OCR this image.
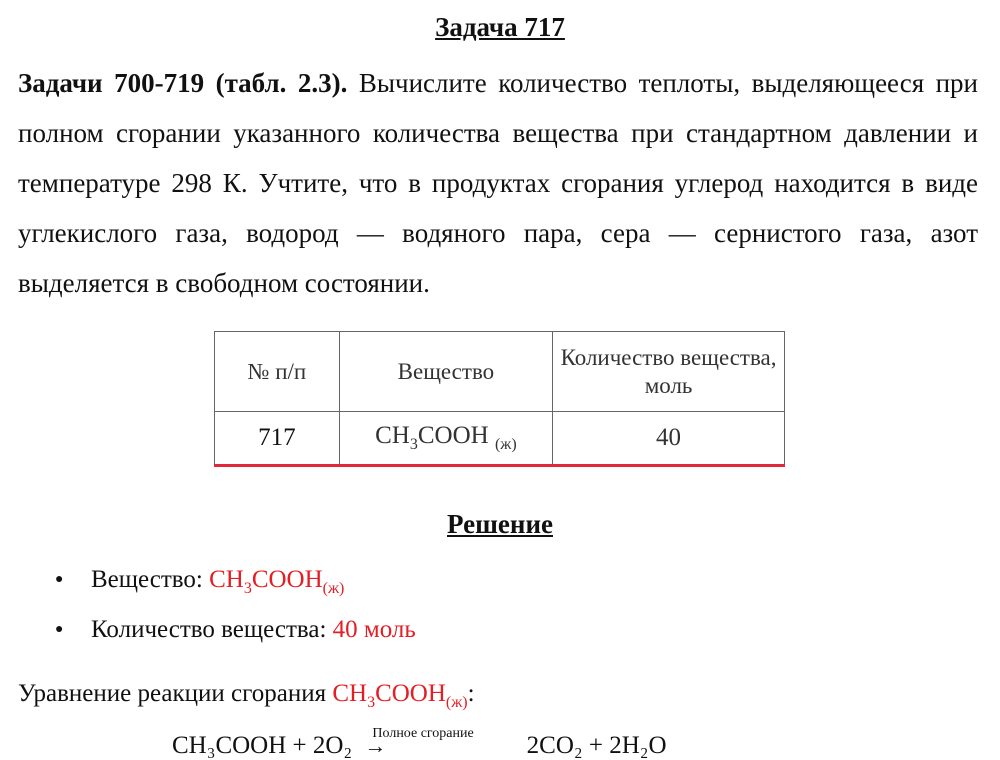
Задача 717

Задачи 700-719 (табл. 2.3). Вычислите количество теплоты, выделяющееся при полном сгорании указанного количества вещества при стандартном давлении и температуре 298 К. Учтите, что в продуктах сгорания углерод находится в виде углекислого газа, водород — водяного пара, сера — сернистого газа, азот выделяется в свободном состоянии.

№ п/п	Вещество	Количество вещества, моль
717	$CH_3COOH$ $_{(ж)}$	40
Решение
● Вещество: $CH_3COOH_{(ж)}$
● Количество вещества: 40 моль
Уравнение реакции сгорания $CH_3COOH_{(ж)}$:
CH₃COOH + 2O₂ Полное сгорание
→	2CO₂ + 2H₂O
